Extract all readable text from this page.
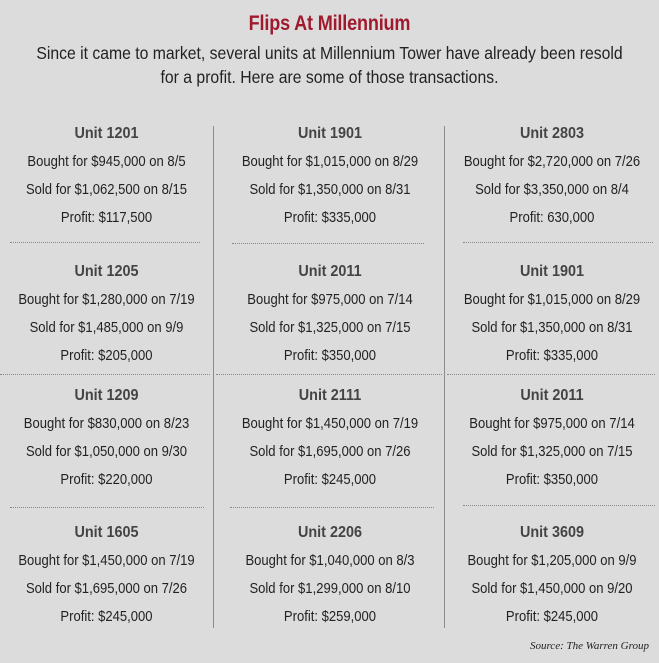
Flips At Millennium
Since it came to market, several units at Millennium Tower have already been resold
for a profit. Here are some of those transactions.
Unit 1201
Bought for $945,000 on 8/5
Sold for $1,062,500 on 8/15
Profit: $117,500
Unit 1205
Bought for $1,280,000 on 7/19
Sold for $1,485,000 on 9/9
Profit: $205,000
Unit 1209
Bought for $830,000 on 8/23
Sold for $1,050,000 on 9/30
Profit: $220,000
Unit 1605
Bought for $1,450,000 on 7/19
Sold for $1,695,000 on 7/26
Profit: $245,000
Unit 1901
Bought for $1,015,000 on 8/29
Sold for $1,350,000 on 8/31
Profit: $335,000
Unit 2011
Bought for $975,000 on 7/14
Sold for $1,325,000 on 7/15
Profit: $350,000
Unit 2111
Bought for $1,450,000 on 7/19
Sold for $1,695,000 on 7/26
Profit: $245,000
Unit 2206
Bought for $1,040,000 on 8/3
Sold for $1,299,000 on 8/10
Profit: $259,000
Unit 2803
Bought for $2,720,000 on 7/26
Sold for $3,350,000 on 8/4
Profit: 630,000
Unit 1901
Bought for $1,015,000 on 8/29
Sold for $1,350,000 on 8/31
Profit: $335,000
Unit 2011
Bought for $975,000 on 7/14
Sold for $1,325,000 on 7/15
Profit: $350,000
Unit 3609
Bought for $1,205,000 on 9/9
Sold for $1,450,000 on 9/20
Profit: $245,000
Source: The Warren Group
